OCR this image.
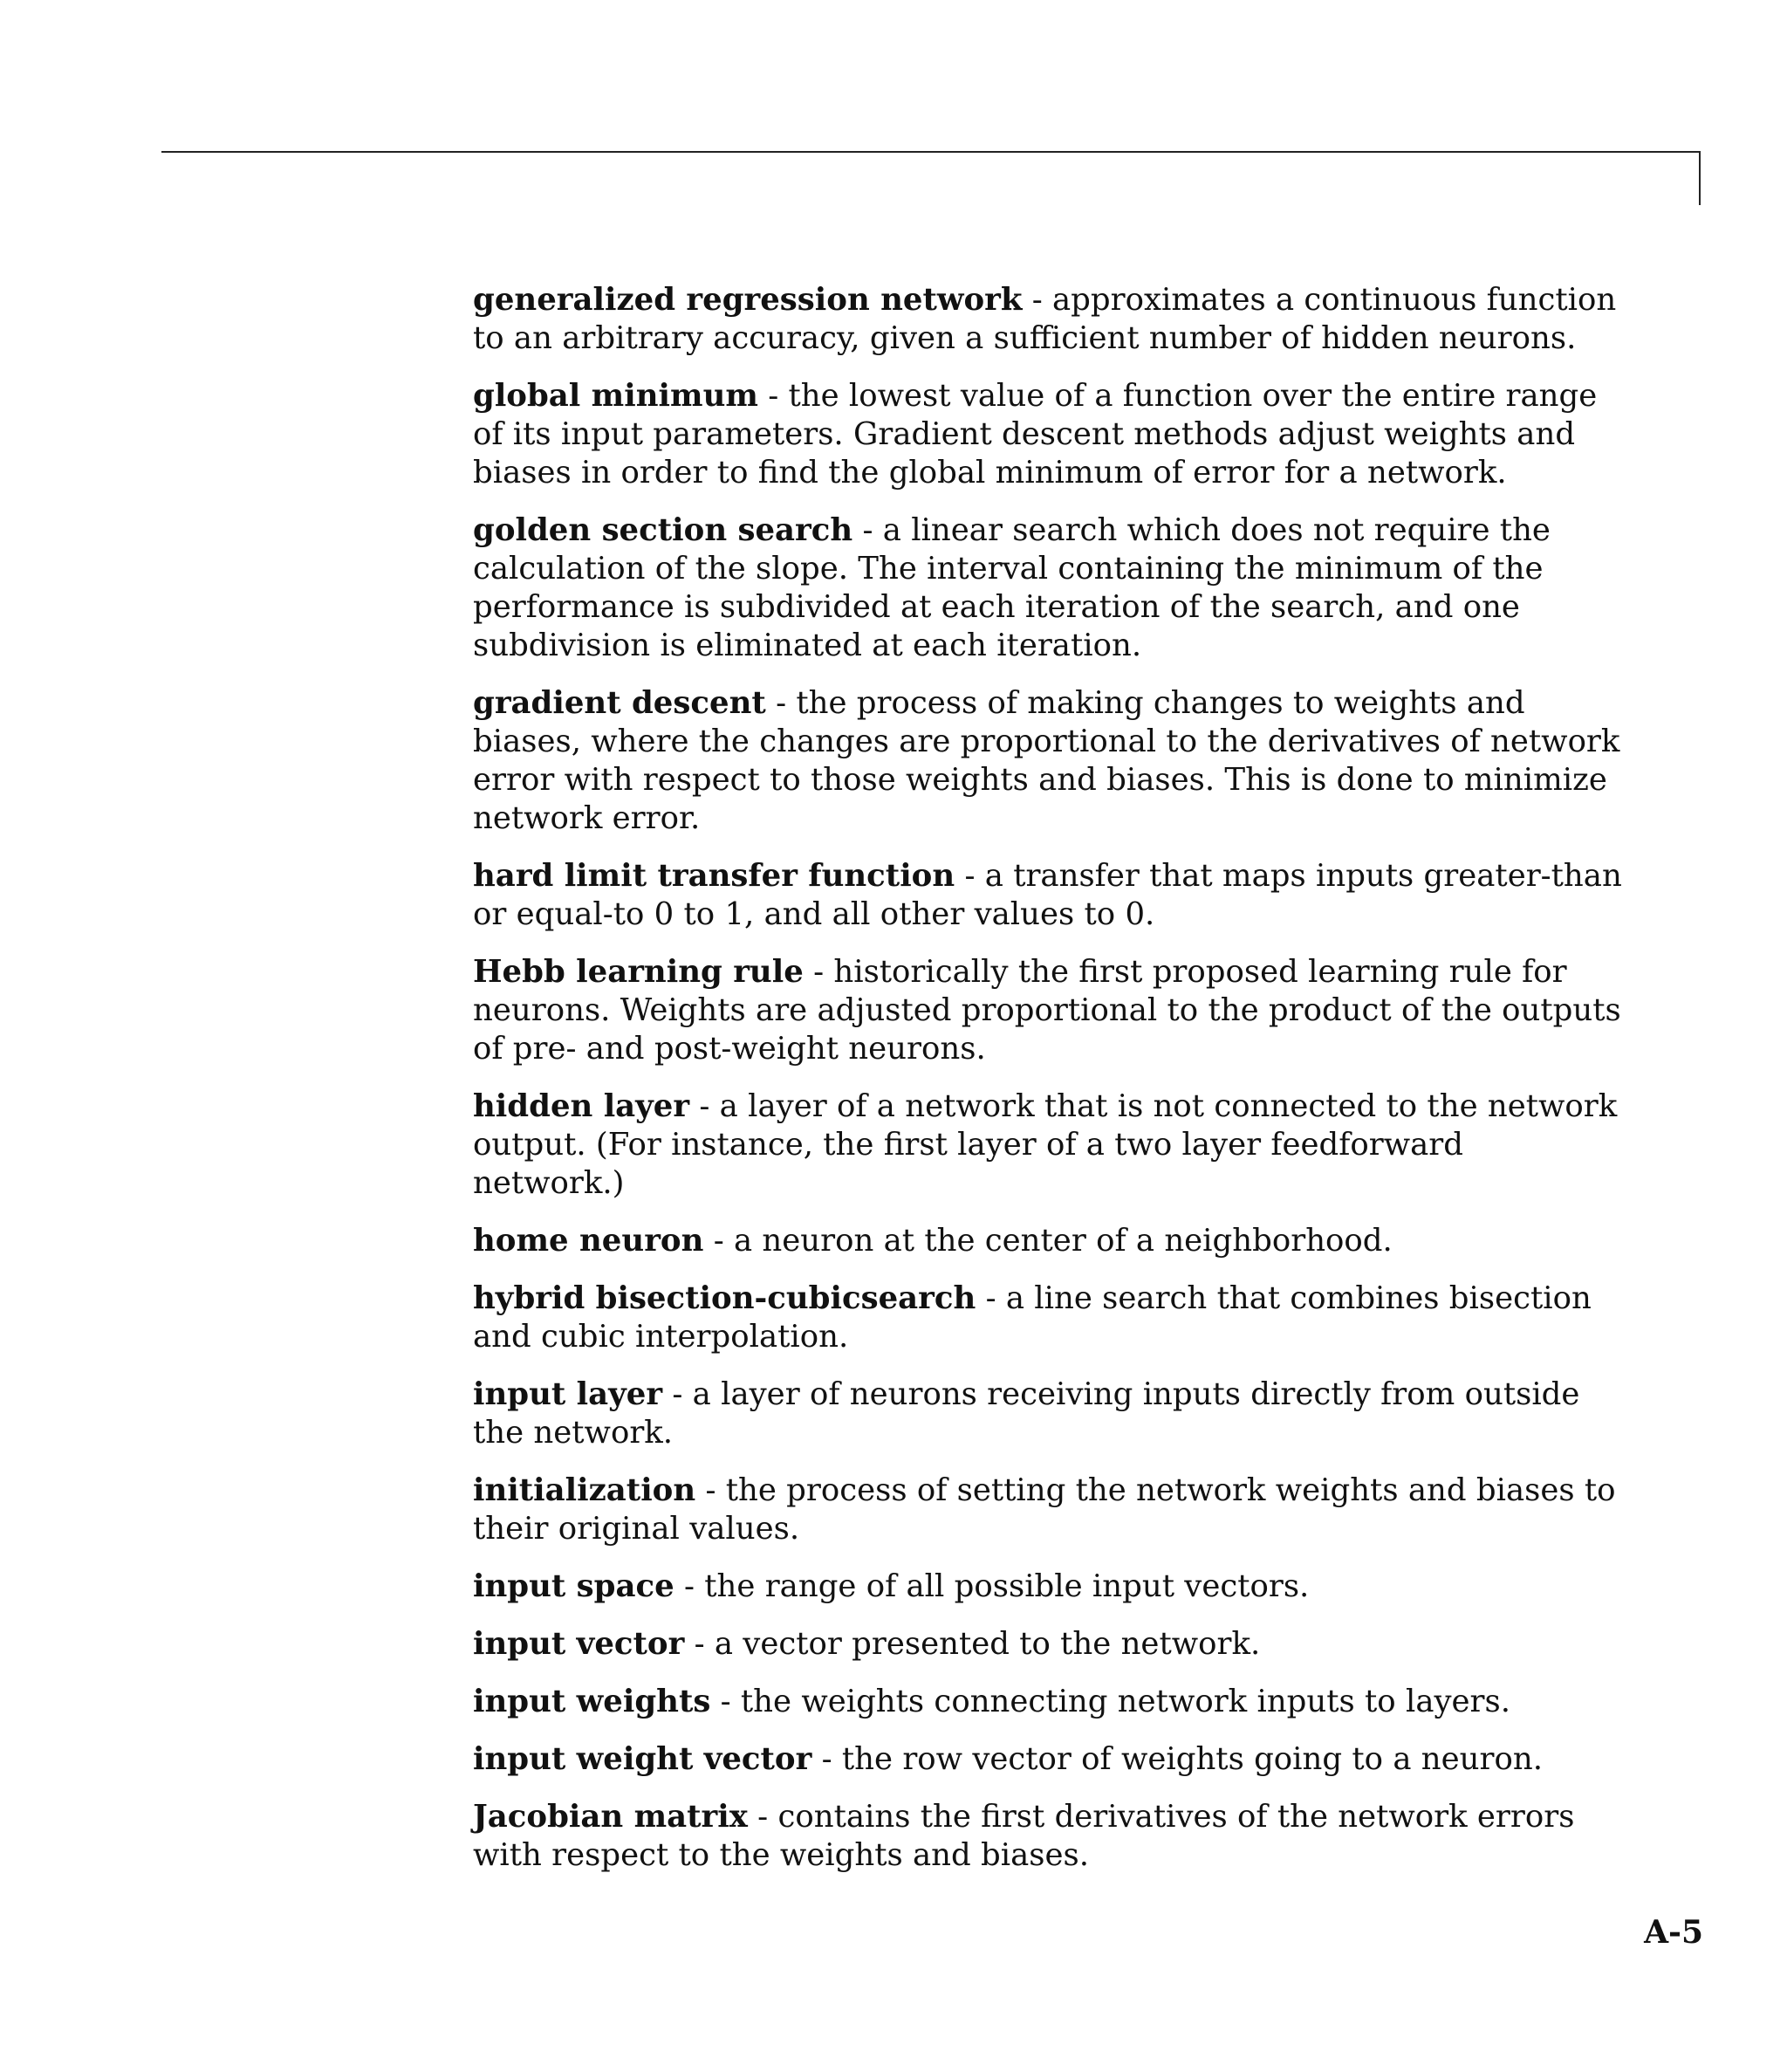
generalized regression network - approximates a continuous function to an arbitrary accuracy, given a sufficient number of hidden neurons.

global minimum - the lowest value of a function over the entire range of its input parameters. Gradient descent methods adjust weights and biases in order to find the global minimum of error for a network.

golden section search - a linear search which does not require the calculation of the slope. The interval containing the minimum of the performance is subdivided at each iteration of the search, and one subdivision is eliminated at each iteration.

gradient descent - the process of making changes to weights and biases, where the changes are proportional to the derivatives of network error with respect to those weights and biases. This is done to minimize network error.

hard limit transfer function - a transfer that maps inputs greater-than or equal-to 0 to 1, and all other values to 0.

Hebb learning rule - historically the first proposed learning rule for neurons. Weights are adjusted proportional to the product of the outputs of pre- and post-weight neurons.

hidden layer - a layer of a network that is not connected to the network output. (For instance, the first layer of a two layer feedforward network.)

home neuron - a neuron at the center of a neighborhood.

hybrid bisection-cubicsearch - a line search that combines bisection and cubic interpolation.

input layer - a layer of neurons receiving inputs directly from outside the network.

initialization - the process of setting the network weights and biases to their original values.

input space - the range of all possible input vectors.

input vector - a vector presented to the network.

input weights - the weights connecting network inputs to layers.

input weight vector - the row vector of weights going to a neuron.

Jacobian matrix - contains the first derivatives of the network errors with respect to the weights and biases.

A-5
